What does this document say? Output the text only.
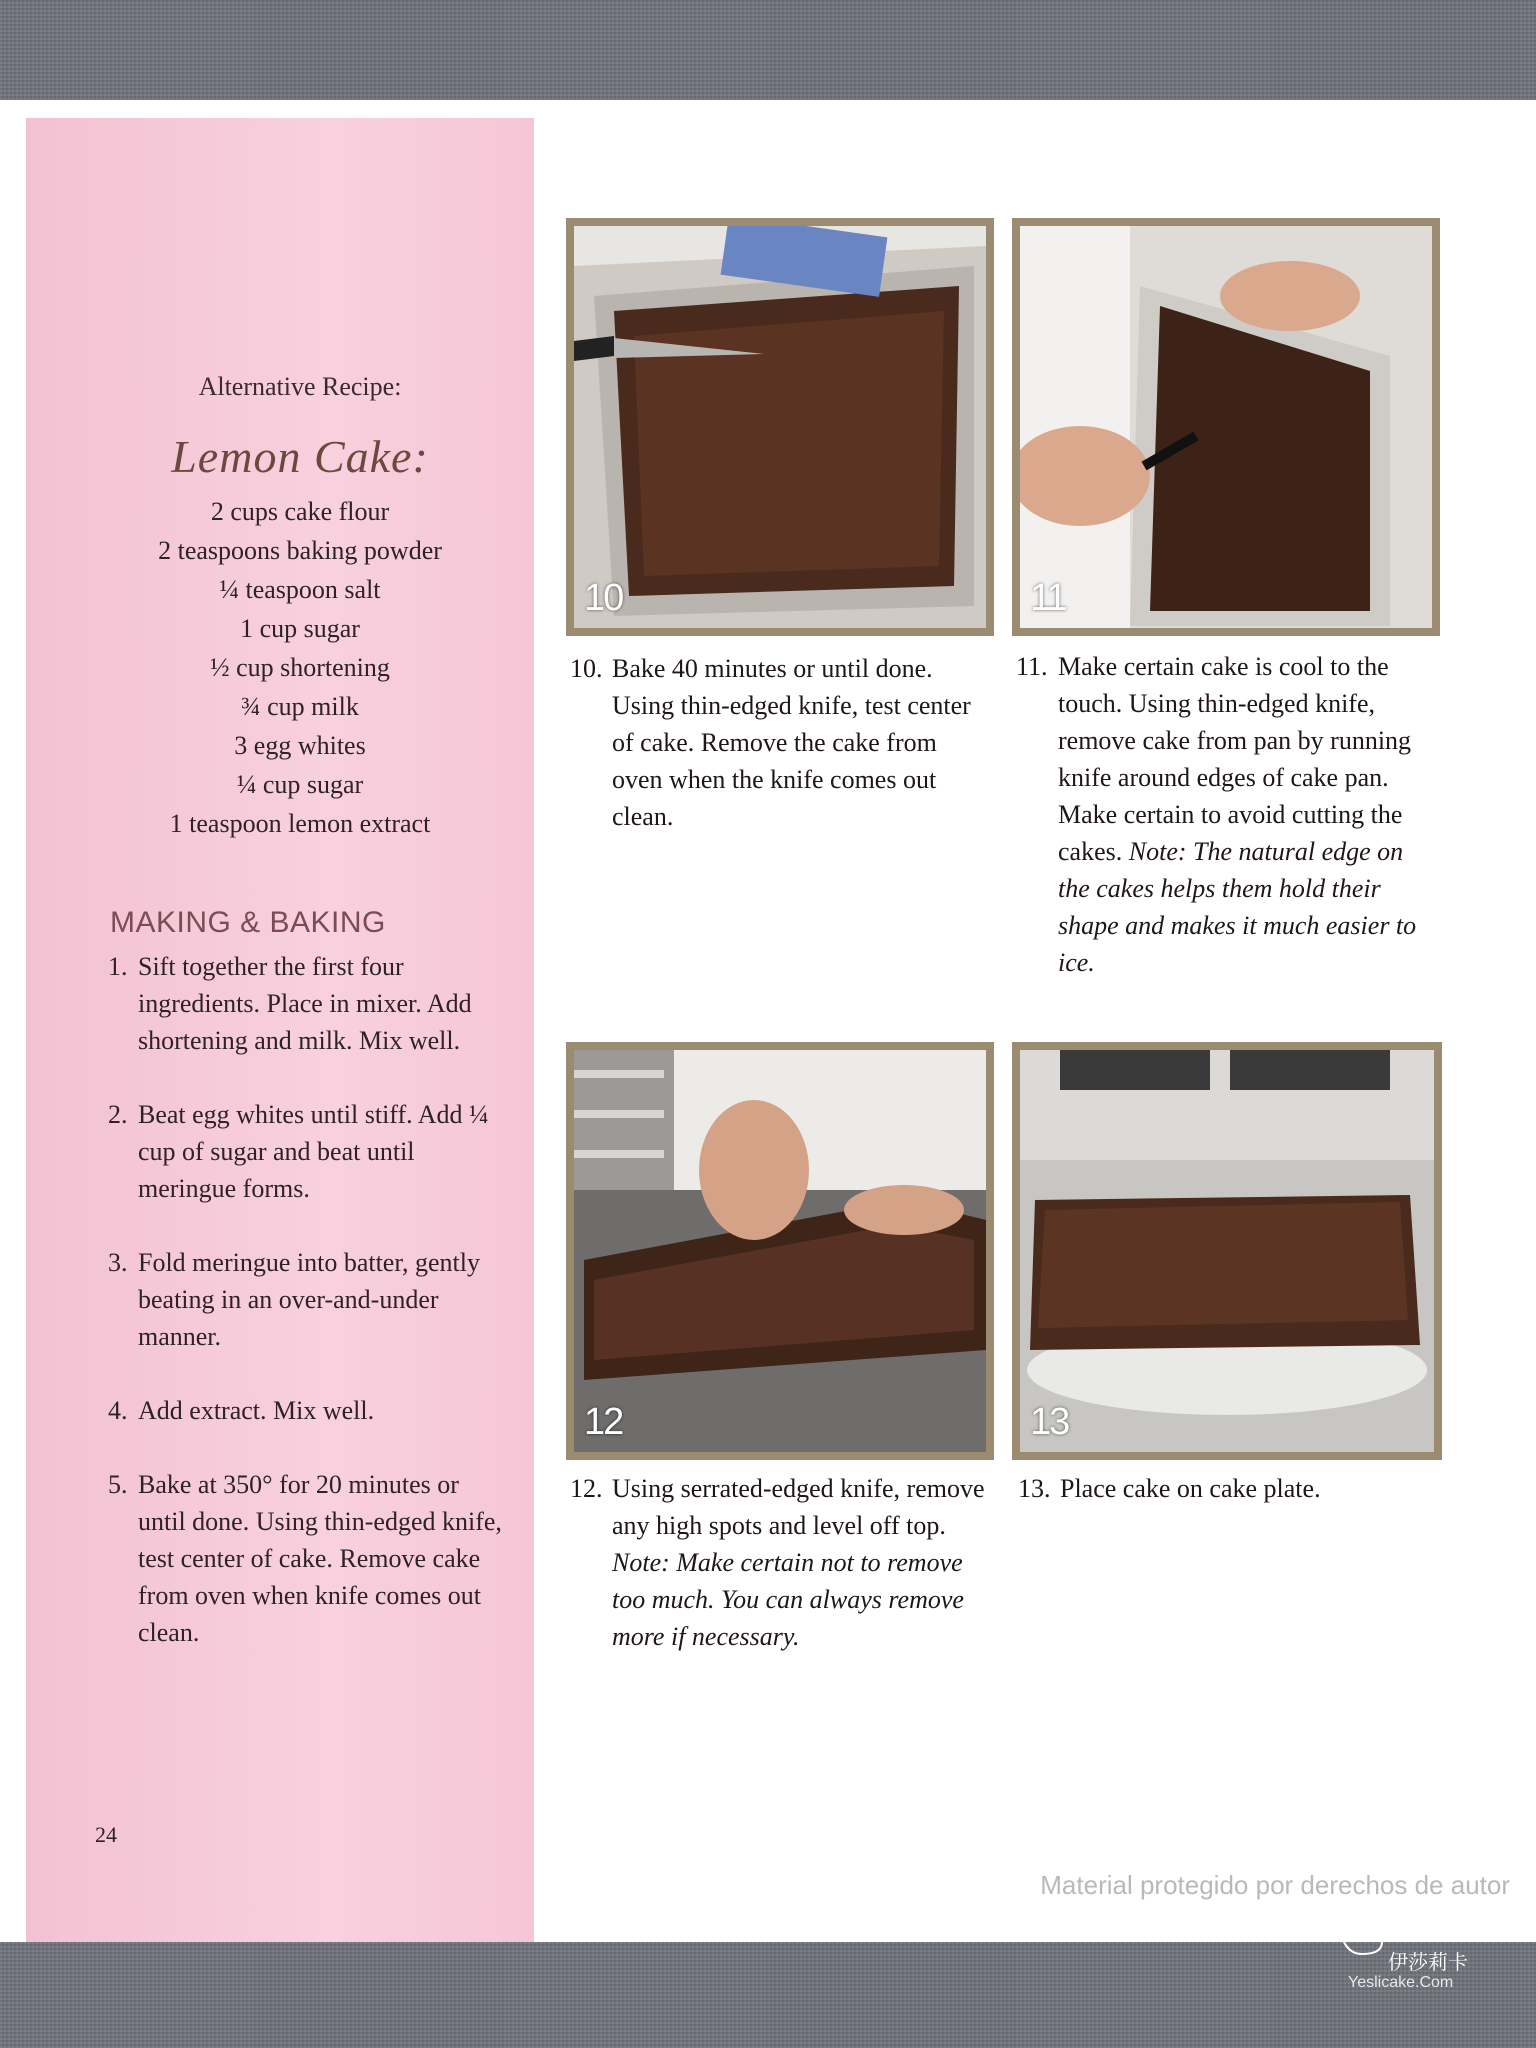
Alternative Recipe:
Lemon Cake:
2 cups cake flour
2 teaspoons baking powder
¼ teaspoon salt
1 cup sugar
½ cup shortening
¾ cup milk
3 egg whites
¼ cup sugar
1 teaspoon lemon extract
MAKING & BAKING
1. Sift together the first four ingredients. Place in mixer. Add shortening and milk. Mix well.
2. Beat egg whites until stiff. Add ¼ cup of sugar and beat until meringue forms.
3. Fold meringue into batter, gently beating in an over-and-under manner.
4. Add extract. Mix well.
5. Bake at 350° for 20 minutes or until done. Using thin-edged knife, test center of cake. Remove cake from oven when knife comes out clean.
24
10	11
12	13
10. Bake 40 minutes or until done. Using thin-edged knife, test center of cake. Remove the cake from oven when the knife comes out clean.
11. Make certain cake is cool to the touch. Using thin-edged knife, remove cake from pan by running knife around edges of cake pan. Make certain to avoid cutting the cakes. Note: The natural edge on the cakes helps them hold their shape and makes it much easier to ice.
12. Using serrated-edged knife, remove any high spots and level off top. Note: Make certain not to remove too much. You can always remove more if necessary.
13. Place cake on cake plate.
Material protegido por derechos de autor
伊莎莉卡
Yeslicake.Com
